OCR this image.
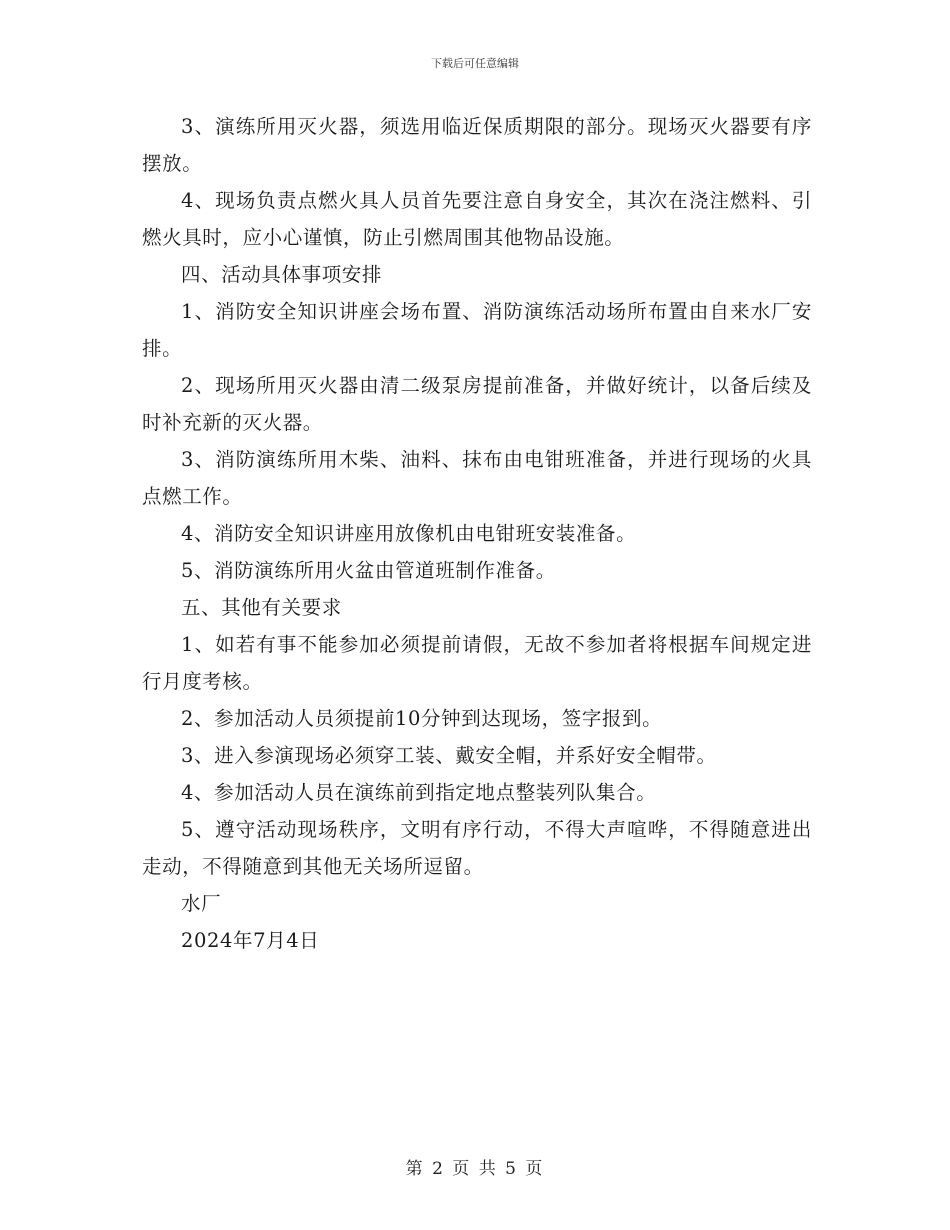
下载后可任意编辑

3、演练所用灭火器，须选用临近保质期限的部分。现场灭火器要有序摆放。

4、现场负责点燃火具人员首先要注意自身安全，其次在浇注燃料、引燃火具时，应小心谨慎，防止引燃周围其他物品设施。

四、活动具体事项安排

1、消防安全知识讲座会场布置、消防演练活动场所布置由自来水厂安排。

2、现场所用灭火器由清二级泵房提前准备，并做好统计，以备后续及时补充新的灭火器。

3、消防演练所用木柴、油料、抹布由电钳班准备，并进行现场的火具点燃工作。

4、消防安全知识讲座用放像机由电钳班安装准备。

5、消防演练所用火盆由管道班制作准备。

五、其他有关要求

1、如若有事不能参加必须提前请假，无故不参加者将根据车间规定进行月度考核。

2、参加活动人员须提前10分钟到达现场，签字报到。

3、进入参演现场必须穿工装、戴安全帽，并系好安全帽带。

4、参加活动人员在演练前到指定地点整装列队集合。

5、遵守活动现场秩序，文明有序行动，不得大声喧哗，不得随意进出走动，不得随意到其他无关场所逗留。

水厂

2024年7月4日

第 2 页 共 5 页
